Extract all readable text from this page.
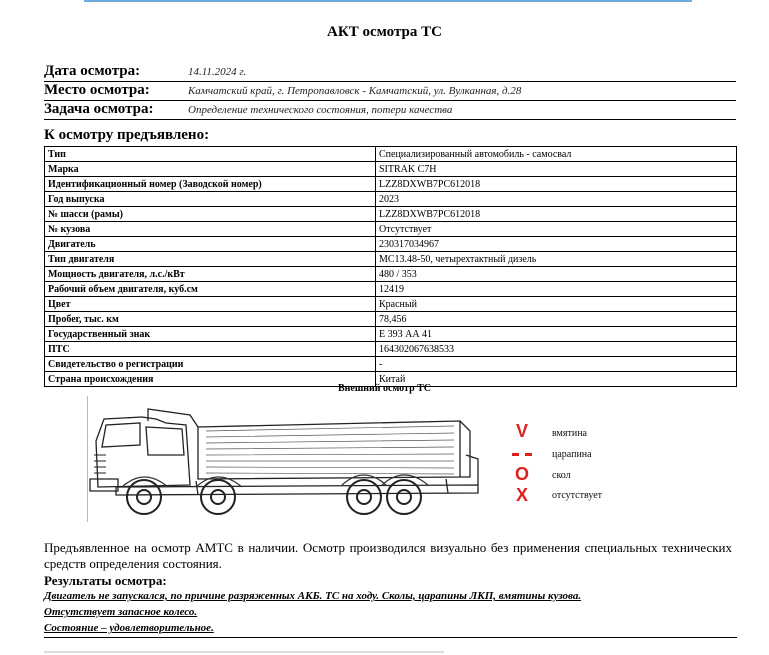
АКТ осмотра ТС
Дата осмотра:	14.11.2024 г.
Место осмотра:	Камчатский край, г. Петропавловск - Камчатский, ул. Вулканная, д.28
Задача осмотра:	Определение технического состояния, потери качества
К осмотру предъявлено:
Тип	Специализированный автомобиль - самосвал
Марка	SITRAK C7H
Идентификационный номер (Заводской номер)	LZZ8DXWB7PC612018
Год выпуска	2023
№ шасси (рамы)	LZZ8DXWB7PC612018
№ кузова	Отсутствует
Двигатель	230317034967
Тип двигателя	MC13.48-50, четырехтактный дизель
Мощность двигателя, л.с./кВт	480 / 353
Рабочий объем двигателя, куб.см	12419
Цвет	Красный
Пробег, тыс. км	78,456
Государственный знак	Е 393 АА 41
ПТС	164302067638533
Свидетельство о регистрации	-
Страна происхождения	Китай
Внешний осмотр ТС
V	вмятина
царапина
O	скол
X	отсутствует
Предъявленное на осмотр АМТС в наличии. Осмотр производился визуально без применения специальных технических средств определения состояния.
Результаты осмотра:
Двигатель не запускался, по причине разряженных АКБ. ТС на ходу. Сколы, царапины ЛКП, вмятины кузова.
Отсутствует запасное колесо.
Состояние – удовлетворительное.
